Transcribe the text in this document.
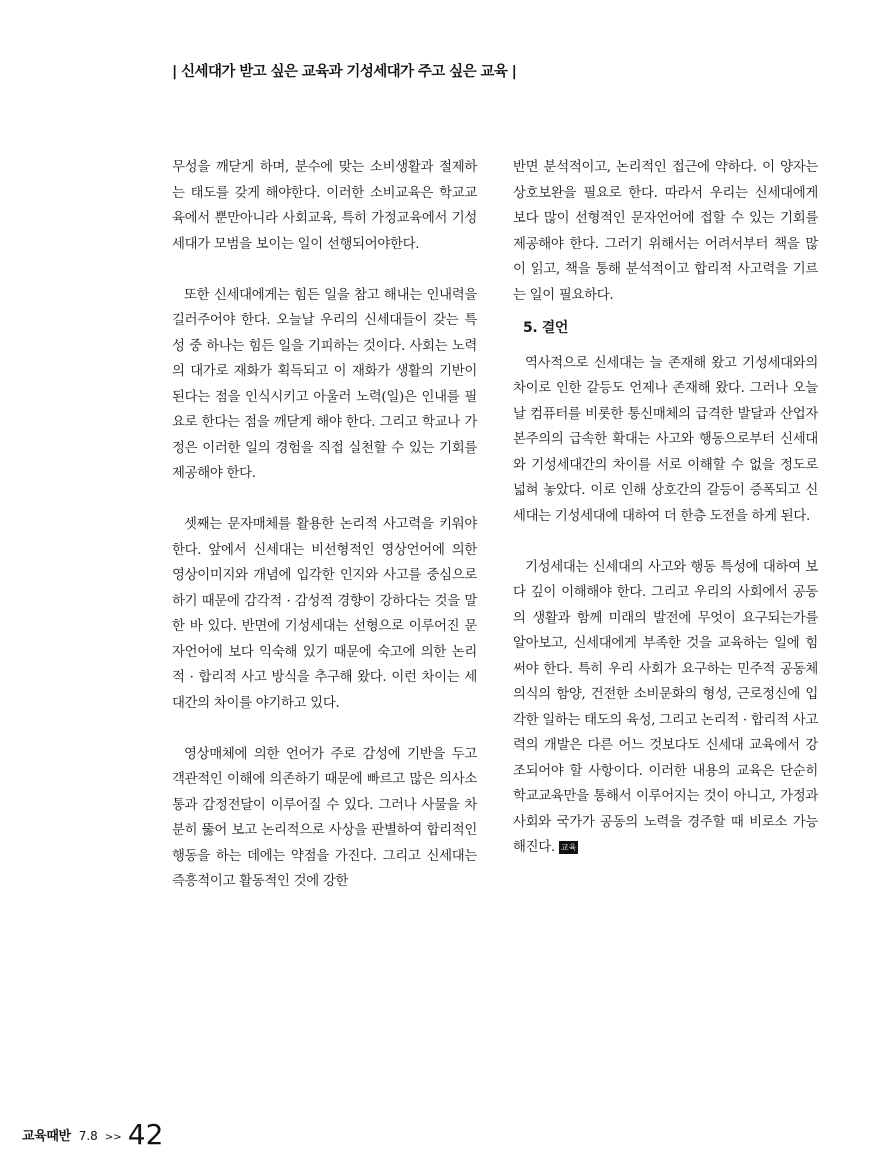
| 신세대가 받고 싶은 교육과 기성세대가 주고 싶은 교육 |

무성을 깨닫게 하며, 분수에 맞는 소비생활과 절제하는 태도를 갖게 해야한다. 이러한 소비교육은 학교교육에서 뿐만아니라 사회교육, 특히 가정교육에서 기성세대가 모범을 보이는 일이 선행되어야한다.

또한 신세대에게는 힘든 일을 참고 해내는 인내력을 길러주어야 한다. 오늘날 우리의 신세대들이 갖는 특성 중 하나는 힘든 일을 기피하는 것이다. 사회는 노력의 대가로 재화가 획득되고 이 재화가 생활의 기반이 된다는 점을 인식시키고 아울러 노력(일)은 인내를 필요로 한다는 점을 깨닫게 해야 한다. 그리고 학교나 가정은 이러한 일의 경험을 직접 실천할 수 있는 기회를 제공해야 한다.

셋째는 문자매체를 활용한 논리적 사고력을 키워야 한다. 앞에서 신세대는 비선형적인 영상언어에 의한 영상이미지와 개념에 입각한 인지와 사고를 중심으로 하기 때문에 감각적 · 감성적 경향이 강하다는 것을 말한 바 있다. 반면에 기성세대는 선형으로 이루어진 문자언어에 보다 익숙해 있기 때문에 숙고에 의한 논리적 · 합리적 사고 방식을 추구해 왔다. 이런 차이는 세대간의 차이를 야기하고 있다.

영상매체에 의한 언어가 주로 감성에 기반을 두고 객관적인 이해에 의존하기 때문에 빠르고 많은 의사소통과 감정전달이 이루어질 수 있다. 그러나 사물을 차분히 뚫어 보고 논리적으로 사상을 판별하여 합리적인 행동을 하는 데에는 약점을 가진다. 그리고 신세대는 즉흥적이고 활동적인 것에 강한

반면 분석적이고, 논리적인 접근에 약하다. 이 양자는 상호보완을 필요로 한다. 따라서 우리는 신세대에게 보다 많이 선형적인 문자언어에 접할 수 있는 기회를 제공해야 한다. 그러기 위해서는 어려서부터 책을 많이 읽고, 책을 통해 분석적이고 합리적 사고력을 기르는 일이 필요하다.

5. 결언

역사적으로 신세대는 늘 존재해 왔고 기성세대와의 차이로 인한 갈등도 언제나 존재해 왔다. 그러나 오늘날 컴퓨터를 비롯한 통신매체의 급격한 발달과 산업자본주의의 급속한 확대는 사고와 행동으로부터 신세대와 기성세대간의 차이를 서로 이해할 수 없을 정도로 넓혀 놓았다. 이로 인해 상호간의 갈등이 증폭되고 신세대는 기성세대에 대하여 더 한층 도전을 하게 된다.

기성세대는 신세대의 사고와 행동 특성에 대하여 보다 깊이 이해해야 한다. 그리고 우리의 사회에서 공동의 생활과 함께 미래의 발전에 무엇이 요구되는가를 알아보고, 신세대에게 부족한 것을 교육하는 일에 힘써야 한다. 특히 우리 사회가 요구하는 민주적 공동체 의식의 함양, 건전한 소비문화의 형성, 근로정신에 입각한 일하는 태도의 육성, 그리고 논리적 · 합리적 사고력의 개발은 다른 어느 것보다도 신세대 교육에서 강조되어야 할 사항이다. 이러한 내용의 교육은 단순히 학교교육만을 통해서 이루어지는 것이 아니고, 가정과 사회와 국가가 공동의 노력을 경주할 때 비로소 가능해진다. 교육

교육때반 7.8 >> 42
